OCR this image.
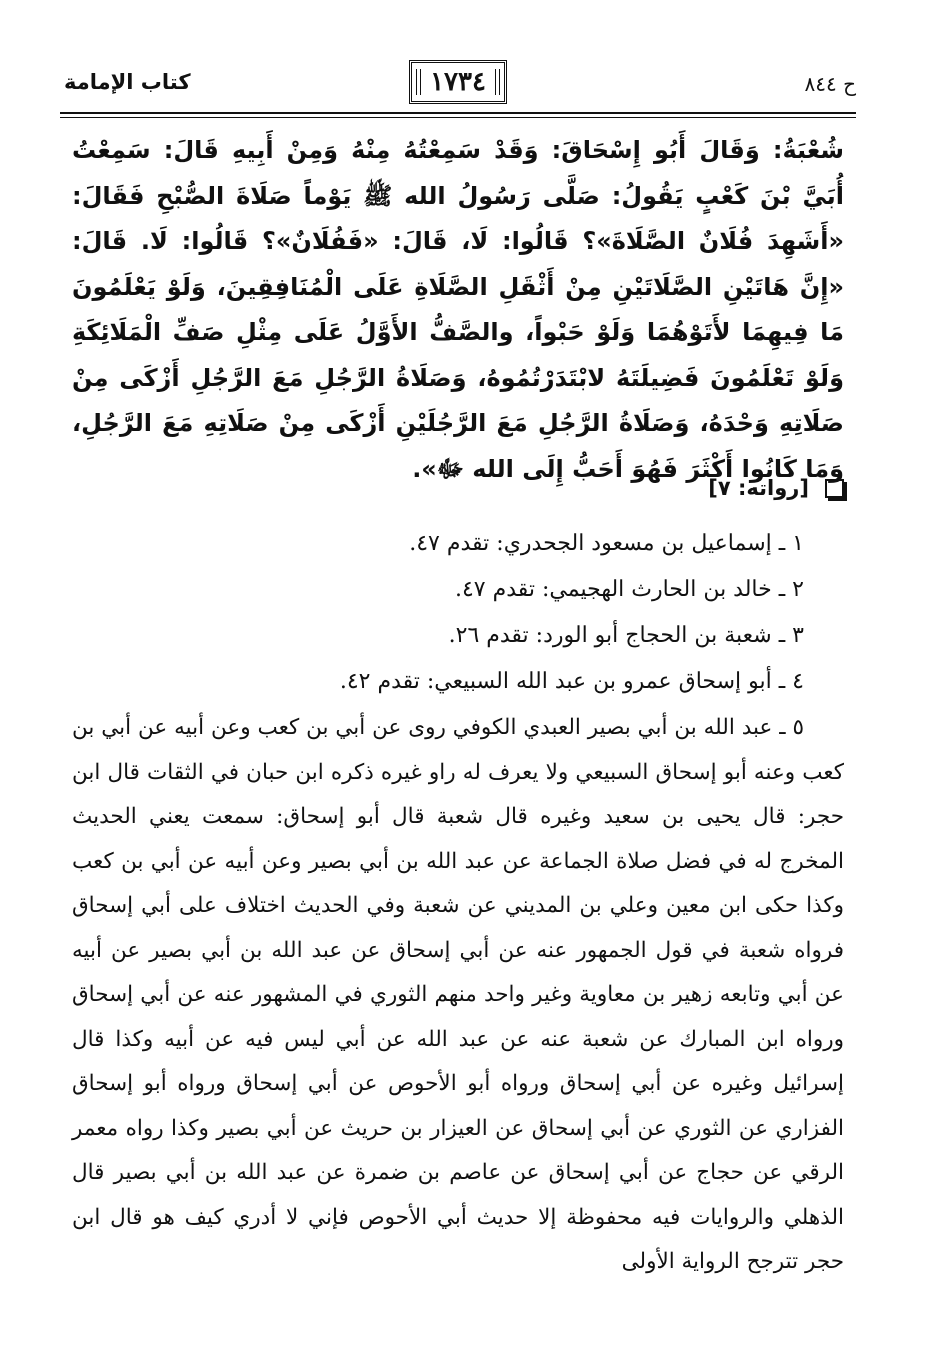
كتاب الإمامة	١٧٣٤	ح ٨٤٤
شُعْبَةُ: وَقَالَ أَبُو إِسْحَاقَ: وَقَدْ سَمِعْتُهُ مِنْهُ وَمِنْ أَبِيهِ قَالَ: سَمِعْتُ أُبَيَّ بْنَ كَعْبٍ يَقُولُ: صَلَّى رَسُولُ الله ﷺ يَوْماً صَلَاةَ الصُّبْحِ فَقَالَ: «أَشَهِدَ فُلَانٌ الصَّلَاةَ»؟ قَالُوا: لَا، قَالَ: «فَفُلَانٌ»؟ قَالُوا: لَا. قَالَ: «إِنَّ هَاتَيْنِ الصَّلَاتَيْنِ مِنْ أَثْقَلِ الصَّلَاةِ عَلَى الْمُنَافِقِينَ، وَلَوْ يَعْلَمُونَ مَا فِيهِمَا لأَتَوْهُمَا وَلَوْ حَبْواً، والصَّفُّ الأَوَّلُ عَلَى مِثْلِ صَفِّ الْمَلَائِكَةِ وَلَوْ تَعْلَمُونَ فَضِيلَتَهُ لابْتَدَرْتُمُوهُ، وَصَلَاةُ الرَّجُلِ مَعَ الرَّجُلِ أَزْكَى مِنْ صَلَاتِهِ وَحْدَهُ، وَصَلَاةُ الرَّجُلِ مَعَ الرَّجُلَيْنِ أَزْكَى مِنْ صَلَاتِهِ مَعَ الرَّجُلِ، وَمَا كَانُوا أَكْثَرَ فَهُوَ أَحَبُّ إِلَى الله ﷻ».
[رواته: ٧]
١ ـ إسماعيل بن مسعود الجحدري: تقدم ٤٧.
٢ ـ خالد بن الحارث الهجيمي: تقدم ٤٧.
٣ ـ شعبة بن الحجاج أبو الورد: تقدم ٢٦.
٤ ـ أبو إسحاق عمرو بن عبد الله السبيعي: تقدم ٤٢.
٥ ـ عبد الله بن أبي بصير العبدي الكوفي روى عن أبي بن كعب وعن أبيه عن أبي بن كعب وعنه أبو إسحاق السبيعي ولا يعرف له راو غيره ذكره ابن حبان في الثقات قال ابن حجر: قال يحيى بن سعيد وغيره قال شعبة قال أبو إسحاق: سمعت يعني الحديث المخرج له في فضل صلاة الجماعة عن عبد الله بن أبي بصير وعن أبيه عن أبي بن كعب وكذا حكى ابن معين وعلي بن المديني عن شعبة وفي الحديث اختلاف على أبي إسحاق فرواه شعبة في قول الجمهور عنه عن أبي إسحاق عن عبد الله بن أبي بصير عن أبيه عن أبي وتابعه زهير بن معاوية وغير واحد منهم الثوري في المشهور عنه عن أبي إسحاق ورواه ابن المبارك عن شعبة عنه عن عبد الله عن أبي ليس فيه عن أبيه وكذا قال إسرائيل وغيره عن أبي إسحاق ورواه أبو الأحوص عن أبي إسحاق ورواه أبو إسحاق الفزاري عن الثوري عن أبي إسحاق عن العيزار بن حريث عن أبي بصير وكذا رواه معمر الرقي عن حجاج عن أبي إسحاق عن عاصم بن ضمرة عن عبد الله بن أبي بصير قال الذهلي والروايات فيه محفوظة إلا حديث أبي الأحوص فإني لا أدري كيف هو قال ابن حجر تترجح الرواية الأولى
